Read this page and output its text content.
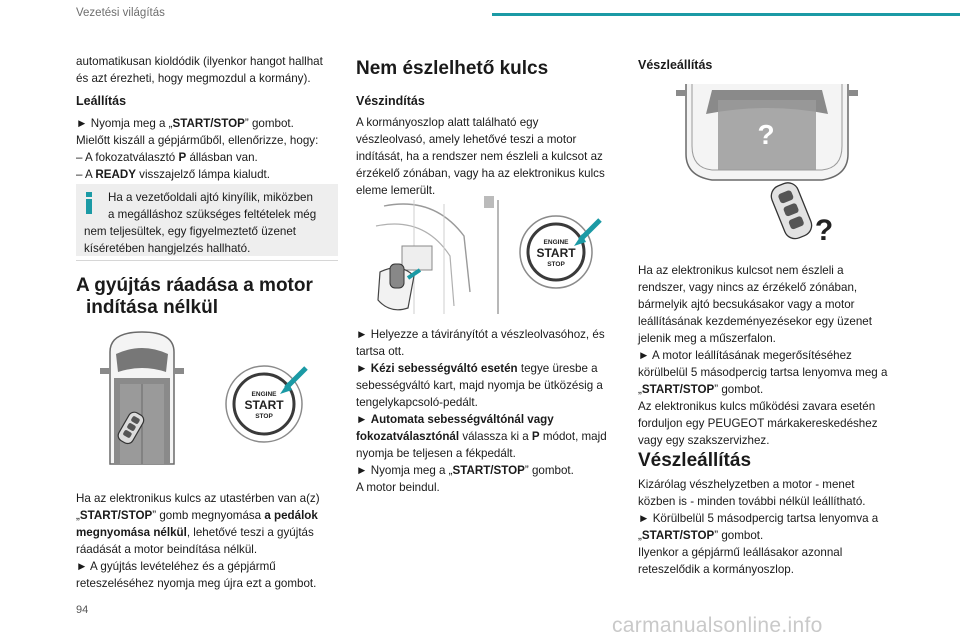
Vezetési világítás

automatikusan kioldódik (ilyenkor hangot hallhat

és azt érezheti, hogy megmozdul a kormány).

Leállítás

► Nyomja meg a „START/STOP” gombot.

Mielőtt kiszáll a gépjárműből, ellenőrizze, hogy:

– A fokozatválasztó P állásban van.

– A READY visszajelző lámpa kialudt.

Ha a vezetőoldali ajtó kinyílik, miközben

a megálláshoz szükséges feltételek még

nem teljesültek, egy figyelmeztető üzenet

kíséretében hangjelzés hallható.

A gyújtás ráadása a motor
indítása nélkül
ENGINE
START
STOP

Ha az elektronikus kulcs az utastérben van a(z)

„START/STOP” gomb megnyomása a pedálok

megnyomása nélkül, lehetővé teszi a gyújtás

ráadását a motor beindítása nélkül.

► A gyújtás levételéhez és a gépjármű

reteszeléséhez nyomja meg újra ezt a gombot.

Nem észlelhető kulcs
Vészindítás

A kormányoszlop alatt található egy

vészleolvasó, amely lehetővé teszi a motor

indítását, ha a rendszer nem észleli a kulcsot az

érzékelő zónában, vagy ha az elektronikus kulcs

eleme lemerült.

ENGINE
START
STOP

► Helyezze a távirányítót a vészleolvasóhoz, és

tartsa ott.

► Kézi sebességváltó esetén tegye üresbe a

sebességváltó kart, majd nyomja be ütközésig a

tengelykapcsoló-pedált.

► Automata sebességváltónál vagy

fokozatválasztónál válassza ki a P módot, majd

nyomja be teljesen a fékpedált.

► Nyomja meg a „START/STOP” gombot.

A motor beindul.

Vészleállítás
?
?

Ha az elektronikus kulcsot nem észleli a

rendszer, vagy nincs az érzékelő zónában,

bármelyik ajtó becsukásakor vagy a motor

leállításának kezdeményezésekor egy üzenet

jelenik meg a műszerfalon.

► A motor leállításának megerősítéséhez

körülbelül 5 másodpercig tartsa lenyomva meg a

„START/STOP” gombot.

Az elektronikus kulcs működési zavara esetén

forduljon egy PEUGEOT márkakereskedéshez

vagy egy szakszervizhez.

Vészleállítás

Kizárólag vészhelyzetben a motor - menet

közben is - minden további nélkül leállítható.

► Körülbelül 5 másodpercig tartsa lenyomva a

„START/STOP” gombot.

Ilyenkor a gépjármű leállásakor azonnal

reteszelődik a kormányoszlop.

94
carmanualsonline.info
